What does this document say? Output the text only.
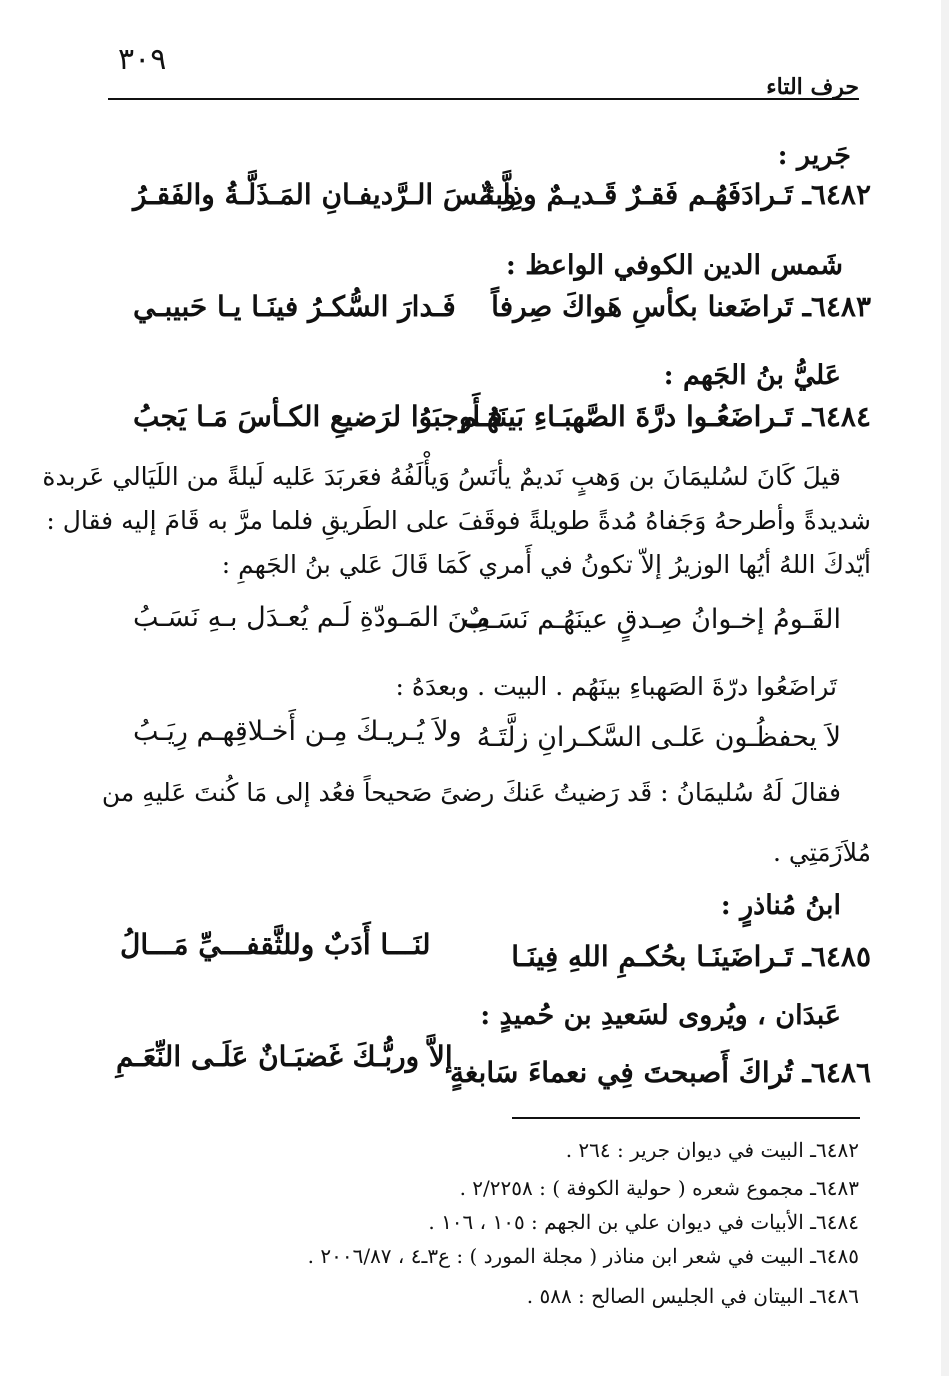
٣٠٩
حرف التاء
جَرير :
٦٤٨٢ـ تَـرادَفَهُـم فَقـرٌ قَـديـمٌ وذِلَّـةٌ
وبئـسَ الـرَّديفـانِ المَـذَلَّـةُ والفَقـرُ
شَمس الدين الكوفي الواعظ :
٦٤٨٣ـ تَراضَعنا بكأسِ هَواكَ صِرفاً
فَـدارَ السُّكـرُ فينَـا يـا حَبيبـي
عَليُّ بنُ الجَهم :
٦٤٨٤ـ تَـراضَعُـوا درَّةَ الصَّهبَـاءِ بَينَهُـم
فـأَوجبَوُا لرَضيعِ الكـأسَ مَـا يَجبُ
قيلَ كَانَ لسُليمَانَ بن وَهبٍ نَديمٌ يأنَسُ وَيأْلَفُهُ فعَربَدَ عَليه لَيلةً من اللَيَالي عَربدة
شديدةً وأطرحهُ وَجَفاهُ مُدةً طويلةً فوقَفَ على الطَريقِ فلما مرَّ به قَامَ إليه فقال :
أيّدكَ اللهُ أيُها الوزيرُ إلاّ تكونُ في أَمري كَمَا قَالَ عَلي بنُ الجَهمِ :
القَـومُ إخـوانُ صِـدقٍ عينَهُـم نَسَـبٌ
مِـنَ المَـودّةِ لَـم يُعـدَل بـهِ نَسَـبُ
تَراضَعُوا درّةَ الصَهباءِ بينَهُم . البيت . وبعدَهُ :
لاَ يحفظُـون عَلـى السَّكـرانِ زلَّتَـهُ
ولاَ يُـريـكَ مِـن أَخـلاقِهـم رِيَـبُ
فقالَ لَهُ سُليمَانُ : قَد رَضيتُ عَنكَ رضىً صَحيحاً فعُد إلى مَا كُنتَ عَليهِ من
مُلاَزَمَتِي .
ابنُ مُناذرٍ :
٦٤٨٥ـ تَـراضَينَـا بحُكـمِ اللهِ فِينَـا
لنَـــا أَدَبٌ وللثَّقفـــيِّ مَـــالُ
عَبدَان ، ويُروى لسَعيدِ بن حُميدٍ :
٦٤٨٦ـ تُراكَ أَصبحتَ فِي نعماءَ سَابغةٍ
إلاَّ وربُّـكَ غَضبَـانٌ عَلَـى النِّعَـمِ
٦٤٨٢ـ البيت في ديوان جرير : ٢٦٤ .
٦٤٨٣ـ مجموع شعره ( حولية الكوفة ) : ٢/٢٢٥٨ .
٦٤٨٤ـ الأبيات في ديوان علي بن الجهم : ١٠٥ ، ١٠٦ .
٦٤٨٥ـ البيت في شعر ابن مناذر ( مجلة المورد ) : ع٣ـ٤ ، ٢٠٠٦/٨٧ .
٦٤٨٦ـ البيتان في الجليس الصالح : ٥٨٨ .
